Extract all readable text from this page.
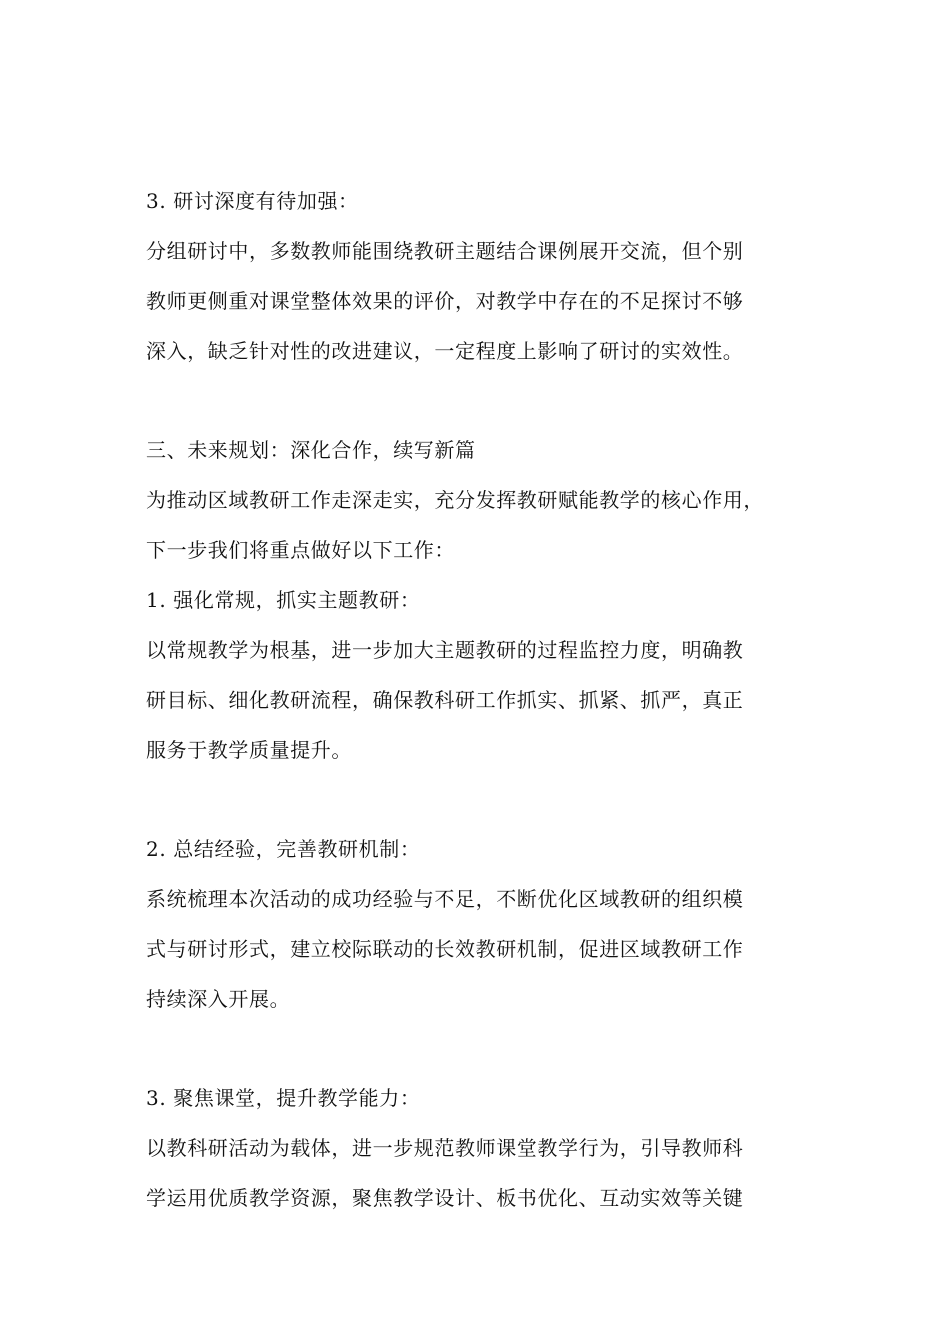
3. 研讨深度有待加强：
分组研讨中，多数教师能围绕教研主题结合课例展开交流，但个别
教师更侧重对课堂整体效果的评价，对教学中存在的不足探讨不够
深入，缺乏针对性的改进建议，一定程度上影响了研讨的实效性。
三、未来规划：深化合作，续写新篇
为推动区域教研工作走深走实，充分发挥教研赋能教学的核心作用，
下一步我们将重点做好以下工作：
1. 强化常规，抓实主题教研：
以常规教学为根基，进一步加大主题教研的过程监控力度，明确教
研目标、细化教研流程，确保教科研工作抓实、抓紧、抓严，真正
服务于教学质量提升。
2. 总结经验，完善教研机制：
系统梳理本次活动的成功经验与不足，不断优化区域教研的组织模
式与研讨形式，建立校际联动的长效教研机制，促进区域教研工作
持续深入开展。
3. 聚焦课堂，提升教学能力：
以教科研活动为载体，进一步规范教师课堂教学行为，引导教师科
学运用优质教学资源，聚焦教学设计、板书优化、互动实效等关键
